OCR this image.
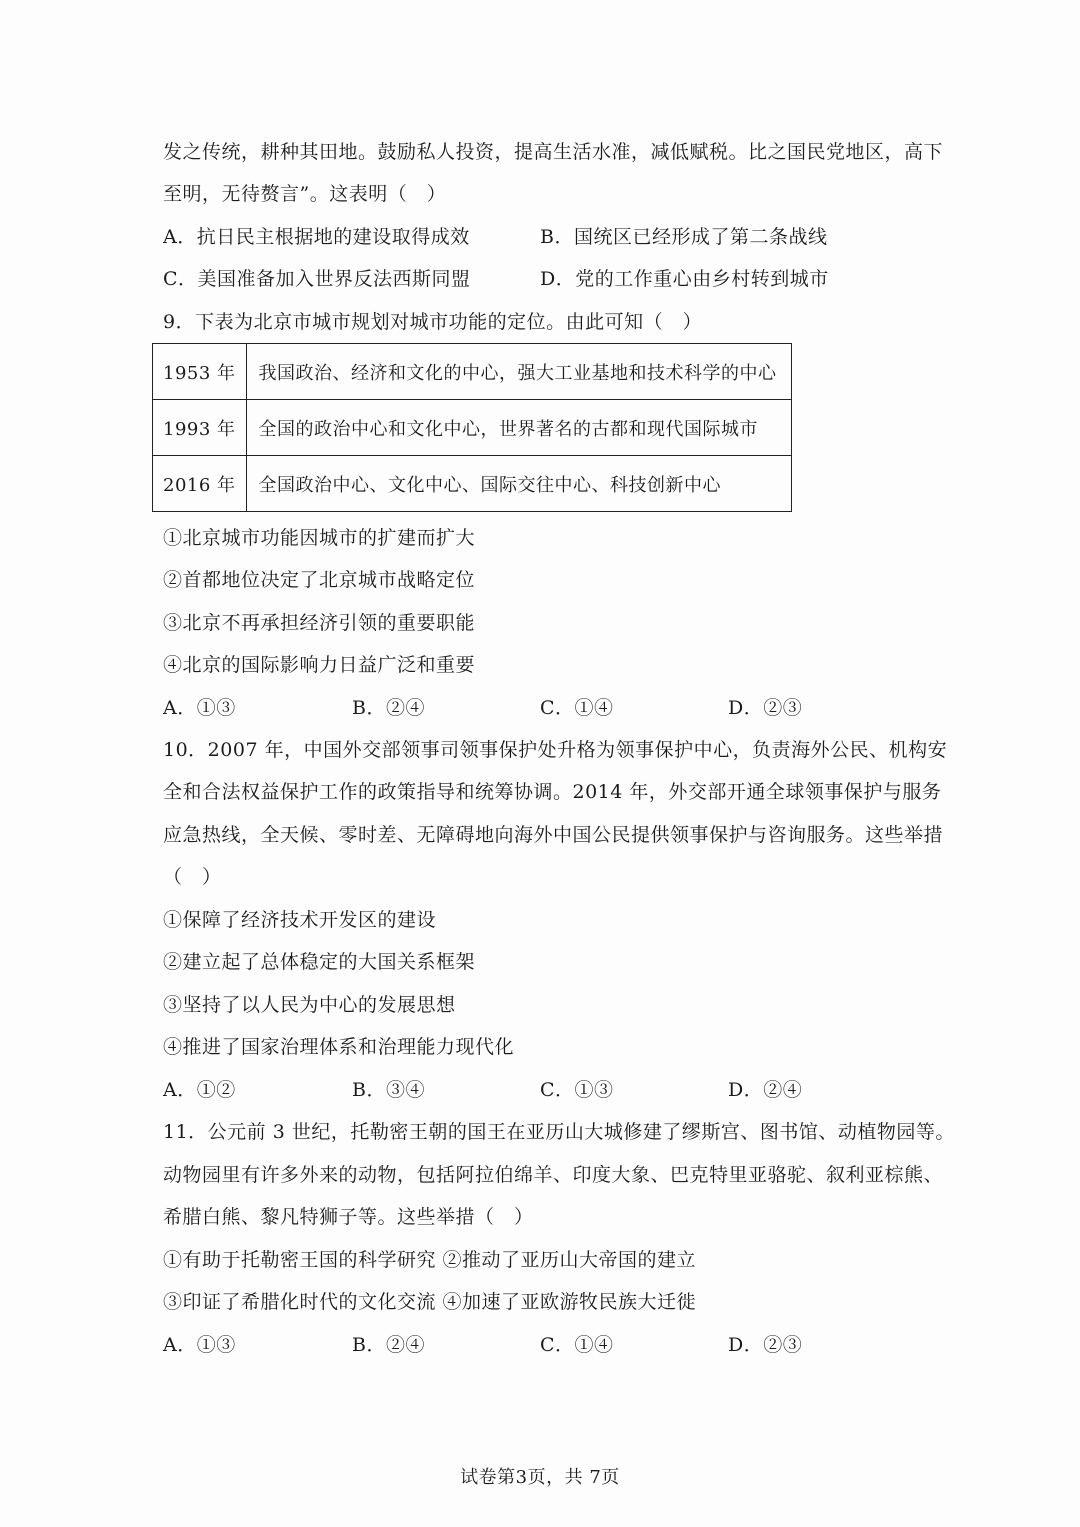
发之传统，耕种其田地。鼓励私人投资，提高生活水准，减低赋税。比之国民党地区，高下
至明，无待赘言”。这表明（　）
A．抗日民主根据地的建设取得成效	B．国统区已经形成了第二条战线
C．美国准备加入世界反法西斯同盟	D．党的工作重心由乡村转到城市
9．下表为北京市城市规划对城市功能的定位。由此可知（　）
1953 年	我国政治、经济和文化的中心，强大工业基地和技术科学的中心
1993 年	全国的政治中心和文化中心，世界著名的古都和现代国际城市
2016 年	全国政治中心、文化中心、国际交往中心、科技创新中心
①北京城市功能因城市的扩建而扩大
②首都地位决定了北京城市战略定位
③北京不再承担经济引领的重要职能
④北京的国际影响力日益广泛和重要
A．①③	B．②④	C．①④	D．②③
10．2007 年，中国外交部领事司领事保护处升格为领事保护中心，负责海外公民、机构安
全和合法权益保护工作的政策指导和统筹协调。2014 年，外交部开通全球领事保护与服务
应急热线，全天候、零时差、无障碍地向海外中国公民提供领事保护与咨询服务。这些举措
（　）
①保障了经济技术开发区的建设
②建立起了总体稳定的大国关系框架
③坚持了以人民为中心的发展思想
④推进了国家治理体系和治理能力现代化
A．①②	B．③④	C．①③	D．②④
11．公元前 3 世纪，托勒密王朝的国王在亚历山大城修建了缪斯宫、图书馆、动植物园等。
动物园里有许多外来的动物，包括阿拉伯绵羊、印度大象、巴克特里亚骆驼、叙利亚棕熊、
希腊白熊、黎凡特狮子等。这些举措（　）
①有助于托勒密王国的科学研究 ②推动了亚历山大帝国的建立
③印证了希腊化时代的文化交流 ④加速了亚欧游牧民族大迁徙
A．①③	B．②④	C．①④	D．②③
试卷第3页，共 7页
